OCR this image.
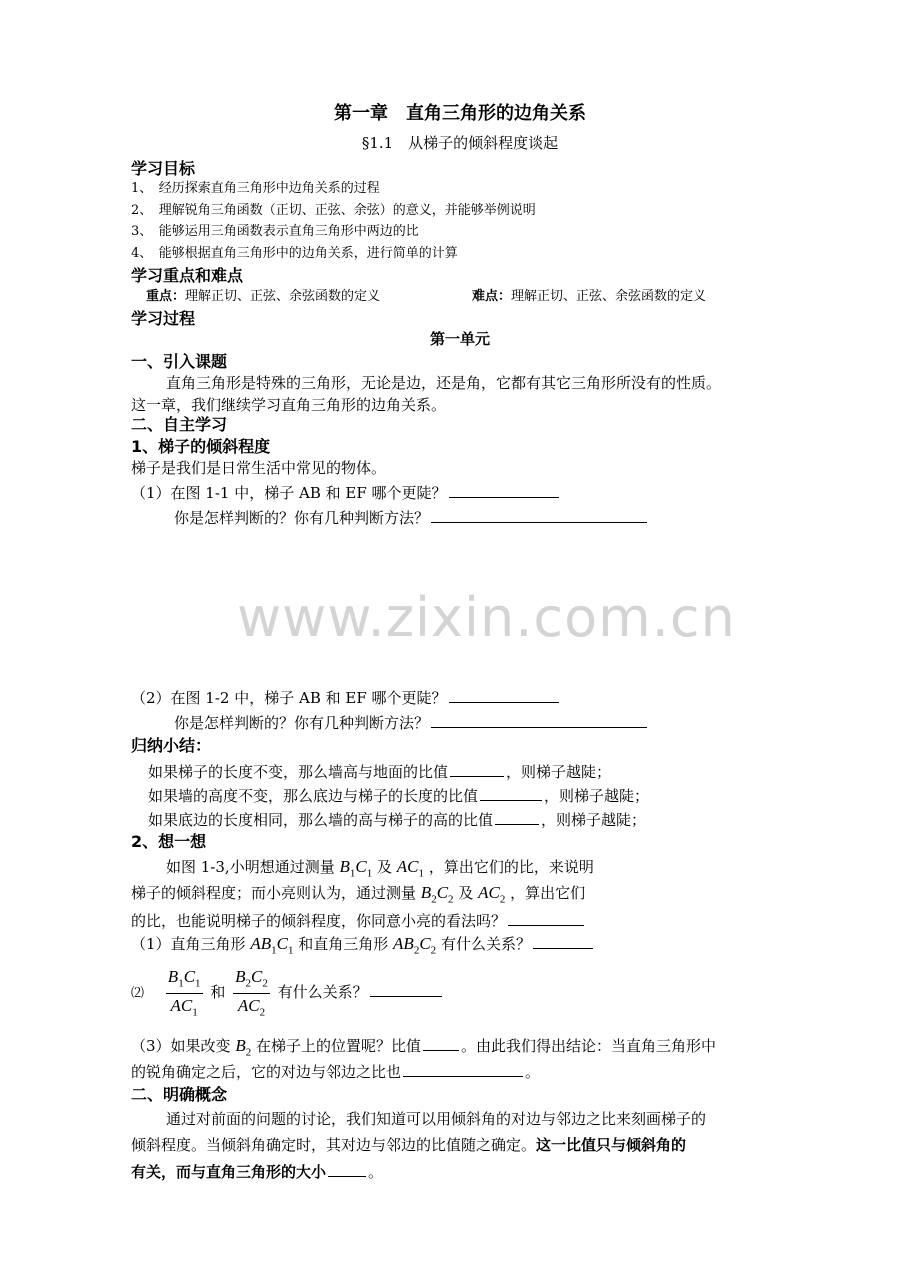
第一章　直角三角形的边角关系
§1.1　从梯子的倾斜程度谈起
学习目标
1、　经历探索直角三角形中边角关系的过程
2、　理解锐角三角函数（正切、正弦、余弦）的意义，并能够举例说明
3、　能够运用三角函数表示直角三角形中两边的比
4、　能够根据直角三角形中的边角关系，进行简单的计算
学习重点和难点
重点：理解正切、正弦、余弦函数的定义	难点：理解正切、正弦、余弦函数的定义
学习过程
第一单元
一、引入课题
直角三角形是特殊的三角形，无论是边，还是角，它都有其它三角形所没有的性质。
这一章，我们继续学习直角三角形的边角关系。
二、自主学习
1、梯子的倾斜程度
梯子是我们是日常生活中常见的物体。
（1）在图 1-1 中，梯子 AB 和 EF 哪个更陡？
你是怎样判断的？你有几种判断方法？
www.zixin.com.cn
（2）在图 1-2 中，梯子 AB 和 EF 哪个更陡？
你是怎样判断的？你有几种判断方法？
归纳小结：
如果梯子的长度不变，那么墙高与地面的比值	，则梯子越陡；
如果墙的高度不变，那么底边与梯子的长度的比值	，则梯子越陡；
如果底边的长度相同，那么墙的高与梯子的高的比值	，则梯子越陡；
2、想一想
如图 1-3,小明想通过测量 $B_1C_1$ 及 $AC_1$ ，算出它们的比，来说明
梯子的倾斜程度；而小亮则认为，通过测量 $B_2C_2$ 及 $AC_2$ ，算出它们
的比，也能说明梯子的倾斜程度，你同意小亮的看法吗？
（1）直角三角形 $AB_1C_1$ 和直角三角形 $AB_2C_2$ 有什么关系？
⑵ $\frac{B_1C_1}{AC_1}$ 和 $\frac{B_2C_2}{AC_2}$ 有什么关系？
（3）如果改变 $B_2$ 在梯子上的位置呢？比值	。由此我们得出结论：当直角三角形中
的锐角确定之后，它的对边与邻边之比也	。
二、明确概念
通过对前面的问题的讨论，我们知道可以用倾斜角的对边与邻边之比来刻画梯子的
倾斜程度。当倾斜角确定时，其对边与邻边的比值随之确定。这一比值只与倾斜角的
有关，而与直角三角形的大小	。
